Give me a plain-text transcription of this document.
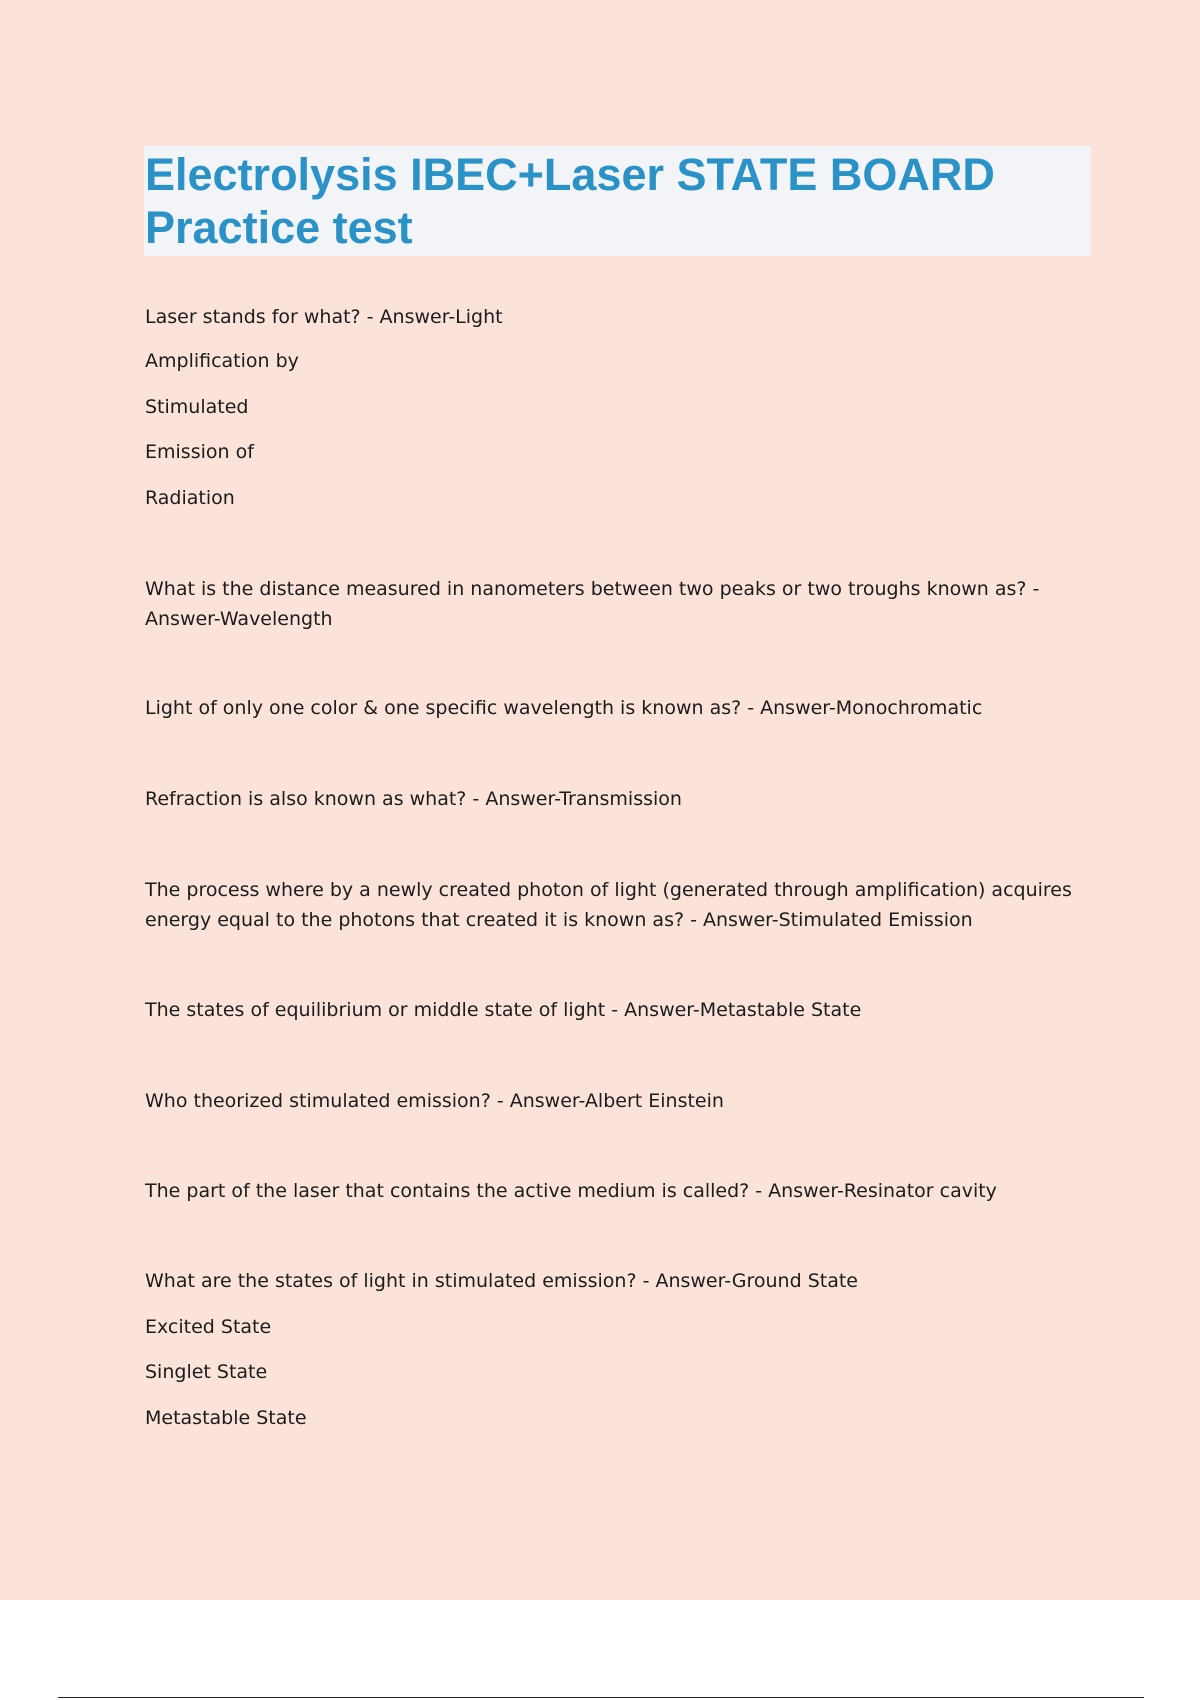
Electrolysis IBEC+Laser STATE BOARD
Practice test

Laser stands for what? - Answer-Light

Amplification by

Stimulated

Emission of

Radiation

What is the distance measured in nanometers between two peaks or two troughs known as? - Answer-Wavelength

Light of only one color & one specific wavelength is known as? - Answer-Monochromatic

Refraction is also known as what? - Answer-Transmission

The process where by a newly created photon of light (generated through amplification) acquires energy equal to the photons that created it is known as? - Answer-Stimulated Emission

The states of equilibrium or middle state of light - Answer-Metastable State

Who theorized stimulated emission? - Answer-Albert Einstein

The part of the laser that contains the active medium is called? - Answer-Resinator cavity

What are the states of light in stimulated emission? - Answer-Ground State

Excited State

Singlet State

Metastable State
